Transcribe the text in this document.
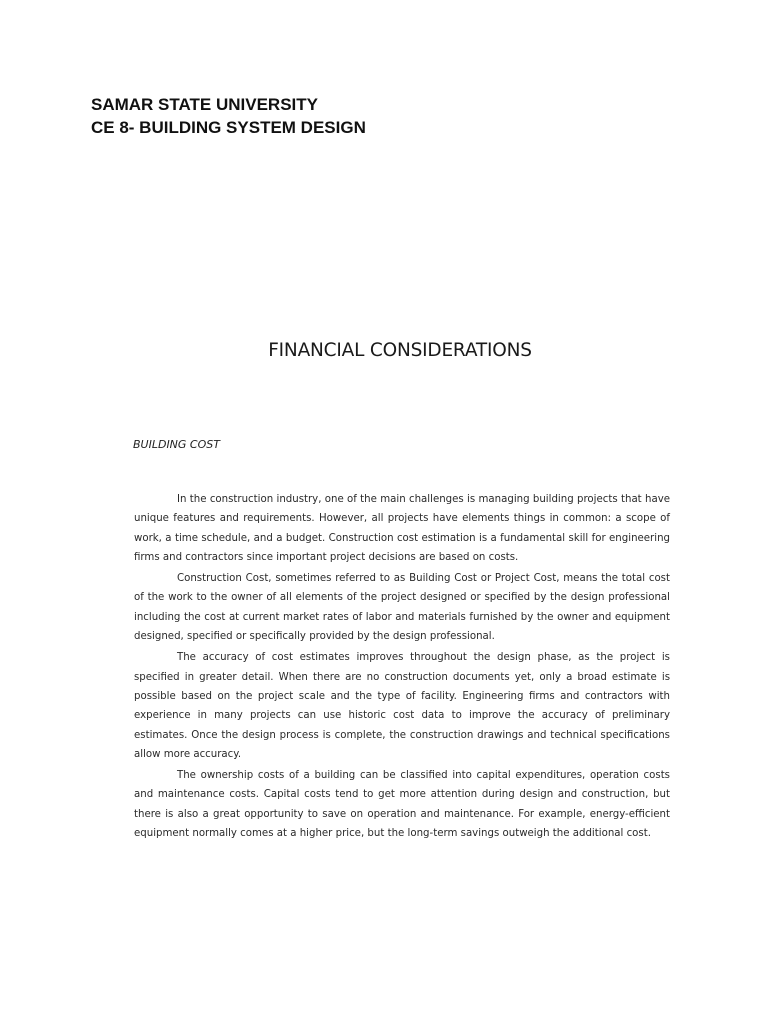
SAMAR STATE UNIVERSITY
CE 8- BUILDING SYSTEM DESIGN
FINANCIAL CONSIDERATIONS
BUILDING COST

In the construction industry, one of the main challenges is managing building projects that have unique features and requirements. However, all projects have elements things in common: a scope of work, a time schedule, and a budget. Construction cost estimation is a fundamental skill for engineering firms and contractors since important project decisions are based on costs.

Construction Cost, sometimes referred to as Building Cost or Project Cost, means the total cost of the work to the owner of all elements of the project designed or specified by the design professional including the cost at current market rates of labor and materials furnished by the owner and equipment designed, specified or specifically provided by the design professional.

The accuracy of cost estimates improves throughout the design phase, as the project is specified in greater detail. When there are no construction documents yet, only a broad estimate is possible based on the project scale and the type of facility. Engineering firms and contractors with experience in many projects can use historic cost data to improve the accuracy of preliminary estimates. Once the design process is complete, the construction drawings and technical specifications allow more accuracy.

The ownership costs of a building can be classified into capital expenditures, operation costs and maintenance costs. Capital costs tend to get more attention during design and construction, but there is also a great opportunity to save on operation and maintenance. For example, energy-efficient equipment normally comes at a higher price, but the long-term savings outweigh the additional cost.
